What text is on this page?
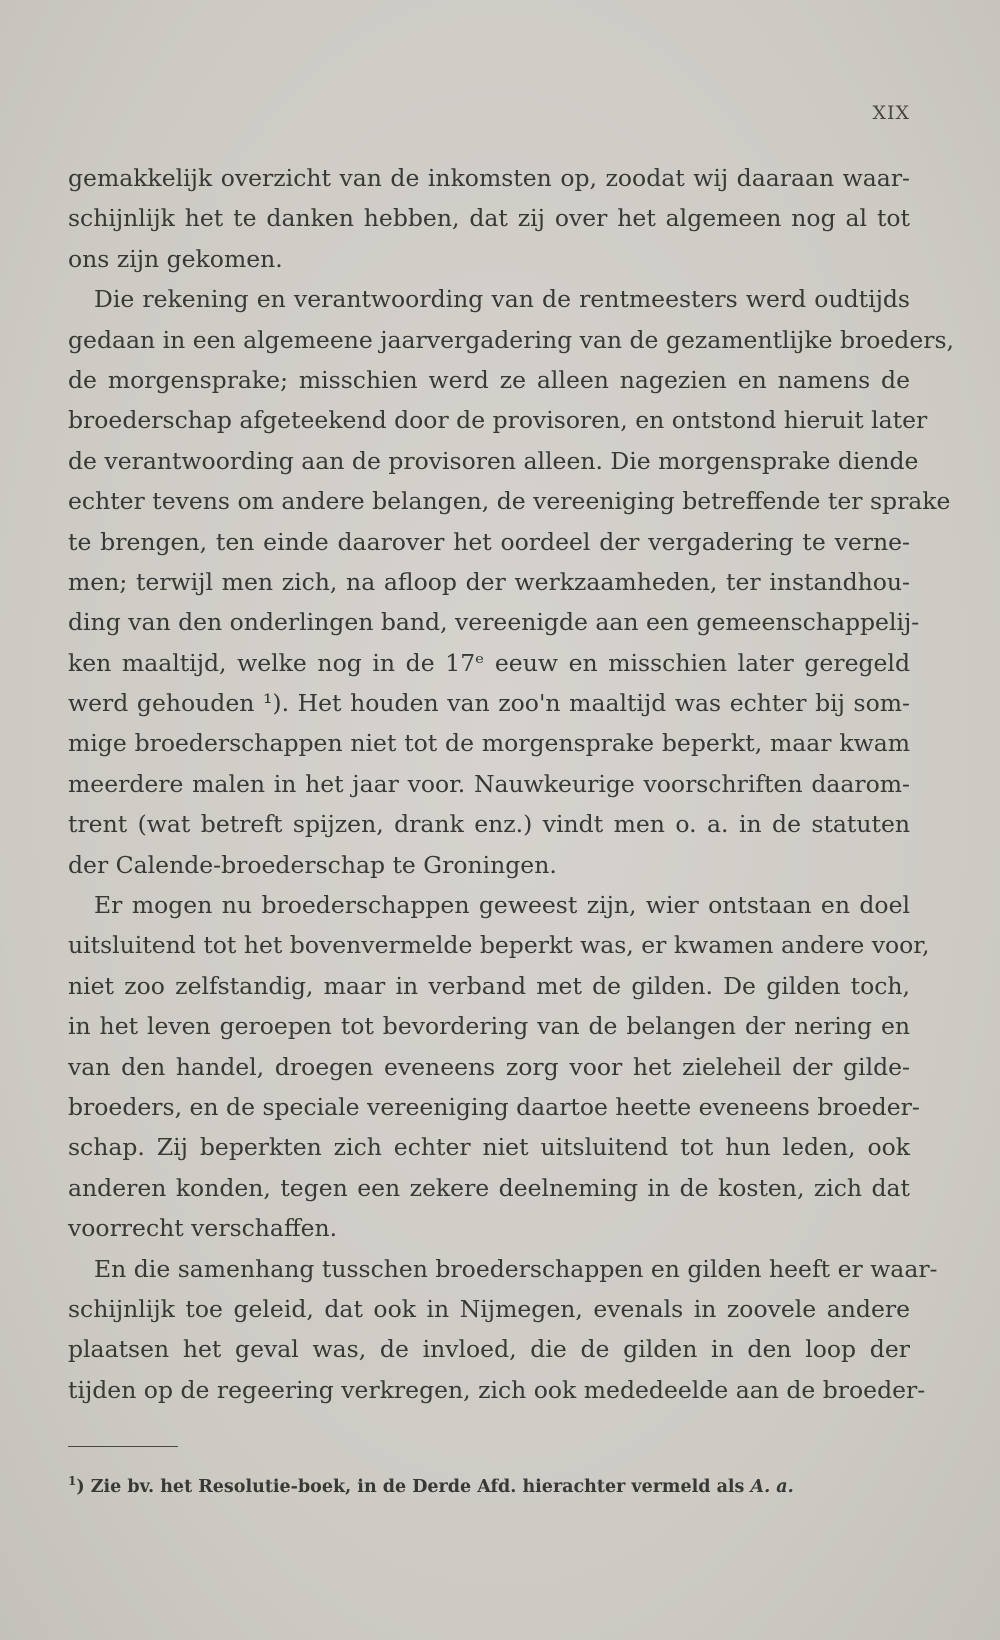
XIX
gemakkelijk overzicht van de inkomsten op, zoodat wij daaraan waar-
schijnlijk het te danken hebben, dat zij over het algemeen nog al tot
ons zijn gekomen.
Die rekening en verantwoording van de rentmeesters werd oudtijds
gedaan in een algemeene jaarvergadering van de gezamentlijke broeders,
de morgensprake; misschien werd ze alleen nagezien en namens de
broederschap afgeteekend door de provisoren, en ontstond hieruit later
de verantwoording aan de provisoren alleen. Die morgensprake diende
echter tevens om andere belangen, de vereeniging betreffende ter sprake
te brengen, ten einde daarover het oordeel der vergadering te verne-
men; terwijl men zich, na afloop der werkzaamheden, ter instandhou-
ding van den onderlingen band, vereenigde aan een gemeenschappelij-
ken maaltijd, welke nog in de 17ᵉ eeuw en misschien later geregeld
werd gehouden ¹). Het houden van zoo'n maaltijd was echter bij som-
mige broederschappen niet tot de morgensprake beperkt, maar kwam
meerdere malen in het jaar voor. Nauwkeurige voorschriften daarom-
trent (wat betreft spijzen, drank enz.) vindt men o. a. in de statuten
der Calende-broederschap te Groningen.
Er mogen nu broederschappen geweest zijn, wier ontstaan en doel
uitsluitend tot het bovenvermelde beperkt was, er kwamen andere voor,
niet zoo zelfstandig, maar in verband met de gilden. De gilden toch,
in het leven geroepen tot bevordering van de belangen der nering en
van den handel, droegen eveneens zorg voor het zieleheil der gilde-
broeders, en de speciale vereeniging daartoe heette eveneens broeder-
schap. Zij beperkten zich echter niet uitsluitend tot hun leden, ook
anderen konden, tegen een zekere deelneming in de kosten, zich dat
voorrecht verschaffen.
En die samenhang tusschen broederschappen en gilden heeft er waar-
schijnlijk toe geleid, dat ook in Nijmegen, evenals in zoovele andere
plaatsen het geval was, de invloed, die de gilden in den loop der
tijden op de regeering verkregen, zich ook mededeelde aan de broeder-
$^1$) Zie bv. het Resolutie-boek, in de Derde Afd. hierachter vermeld als A. a.
